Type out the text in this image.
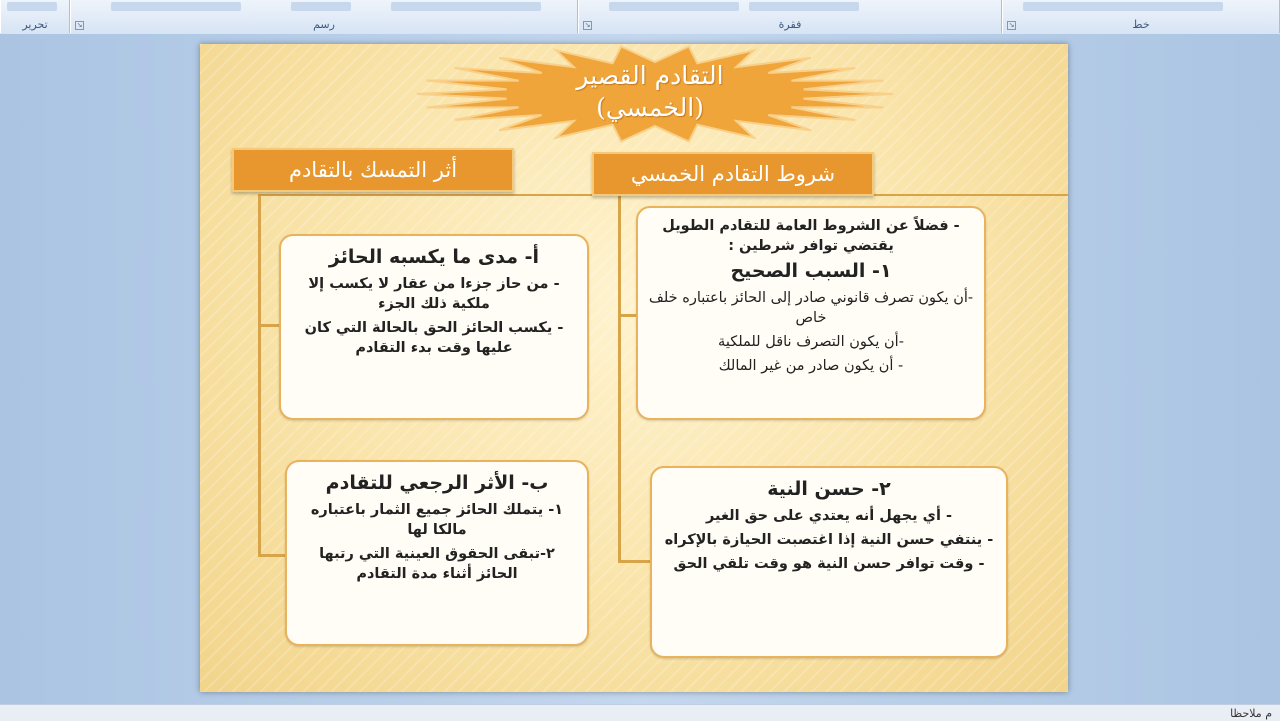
تحرير	↘	رسم	↘	فقرة	↘	خط
التقادم القصير
(الخمسي)
أثر التمسك بالتقادم	شروط التقادم الخمسي
أ- مدى ما يكسبه الحائز
- من حاز جزءا من عقار لا يكسب إلا ملكية ذلك الجزء
- يكسب الحائز الحق بالحالة التي كان عليها وقت بدء التقادم
ب- الأثر الرجعي للتقادم
١- يتملك الحائز جميع الثمار باعتباره مالكا لها
٢-تبقى الحقوق العينية التي رتبها الحائز أثناء مدة التقادم
- فضلاً عن الشروط العامة للتقادم الطويل يقتضي توافر شرطين :
١- السبب الصحيح
-أن يكون تصرف قانوني صادر إلى الحائز باعتباره خلف خاص
-أن يكون التصرف ناقل للملكية
- أن يكون صادر من غير المالك
٢- حسن النية
- أي يجهل أنه يعتدي على حق الغير
- ينتفي حسن النية إذا اغتصبت الحيازة بالإكراه
- وقت توافر حسن النية هو وقت تلقي الحق
م ملاحظا
